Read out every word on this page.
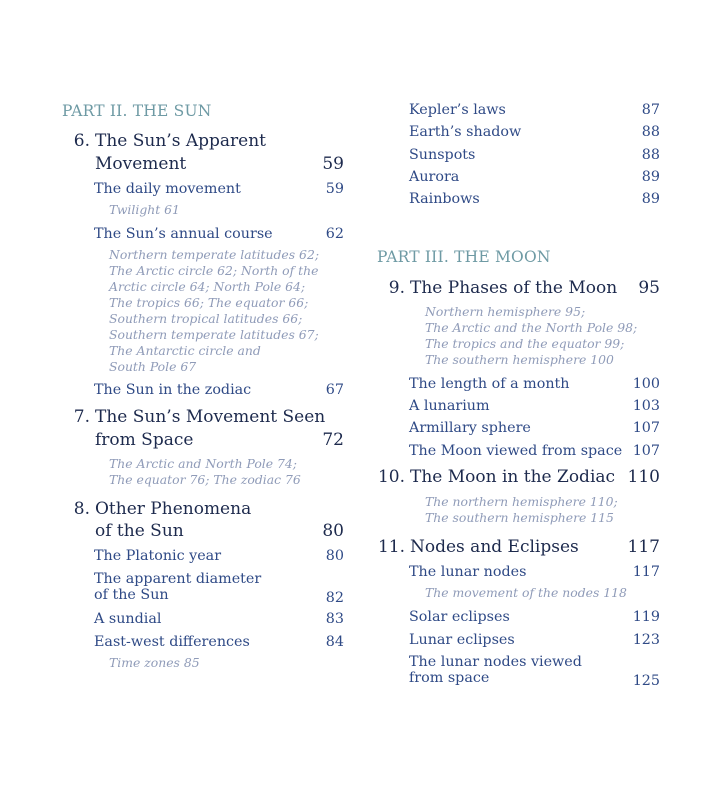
PART II. THE SUN
6. The Sun’s Apparent
Movement	59
The daily movement	59
Twilight 61
The Sun’s annual course	62
Northern temperate latitudes 62;
The Arctic circle 62; North of the
Arctic circle 64; North Pole 64;
The tropics 66; The equator 66;
Southern tropical latitudes 66;
Southern temperate latitudes 67;
The Antarctic circle and
South Pole 67
The Sun in the zodiac	67
7. The Sun’s Movement Seen
from Space	72
The Arctic and North Pole 74;
The equator 76; The zodiac 76
8. Other Phenomena
of the Sun	80
The Platonic year	80
The apparent diameter
of the Sun	82
A sundial	83
East-west differences	84
Time zones 85
Kepler’s laws	87
Earth’s shadow	88
Sunspots	88
Aurora	89
Rainbows	89
PART III. THE MOON
9. The Phases of the Moon 95
Northern hemisphere 95;
The Arctic and the North Pole 98;
The tropics and the equator 99;
The southern hemisphere 100
The length of a month	100
A lunarium	103
Armillary sphere	107
The Moon viewed from space 107
10. The Moon in the Zodiac 110
The northern hemisphere 110;
The southern hemisphere 115
11. Nodes and Eclipses	117
The lunar nodes	117
The movement of the nodes 118
Solar eclipses	119
Lunar eclipses	123
The lunar nodes viewed
from space	125
